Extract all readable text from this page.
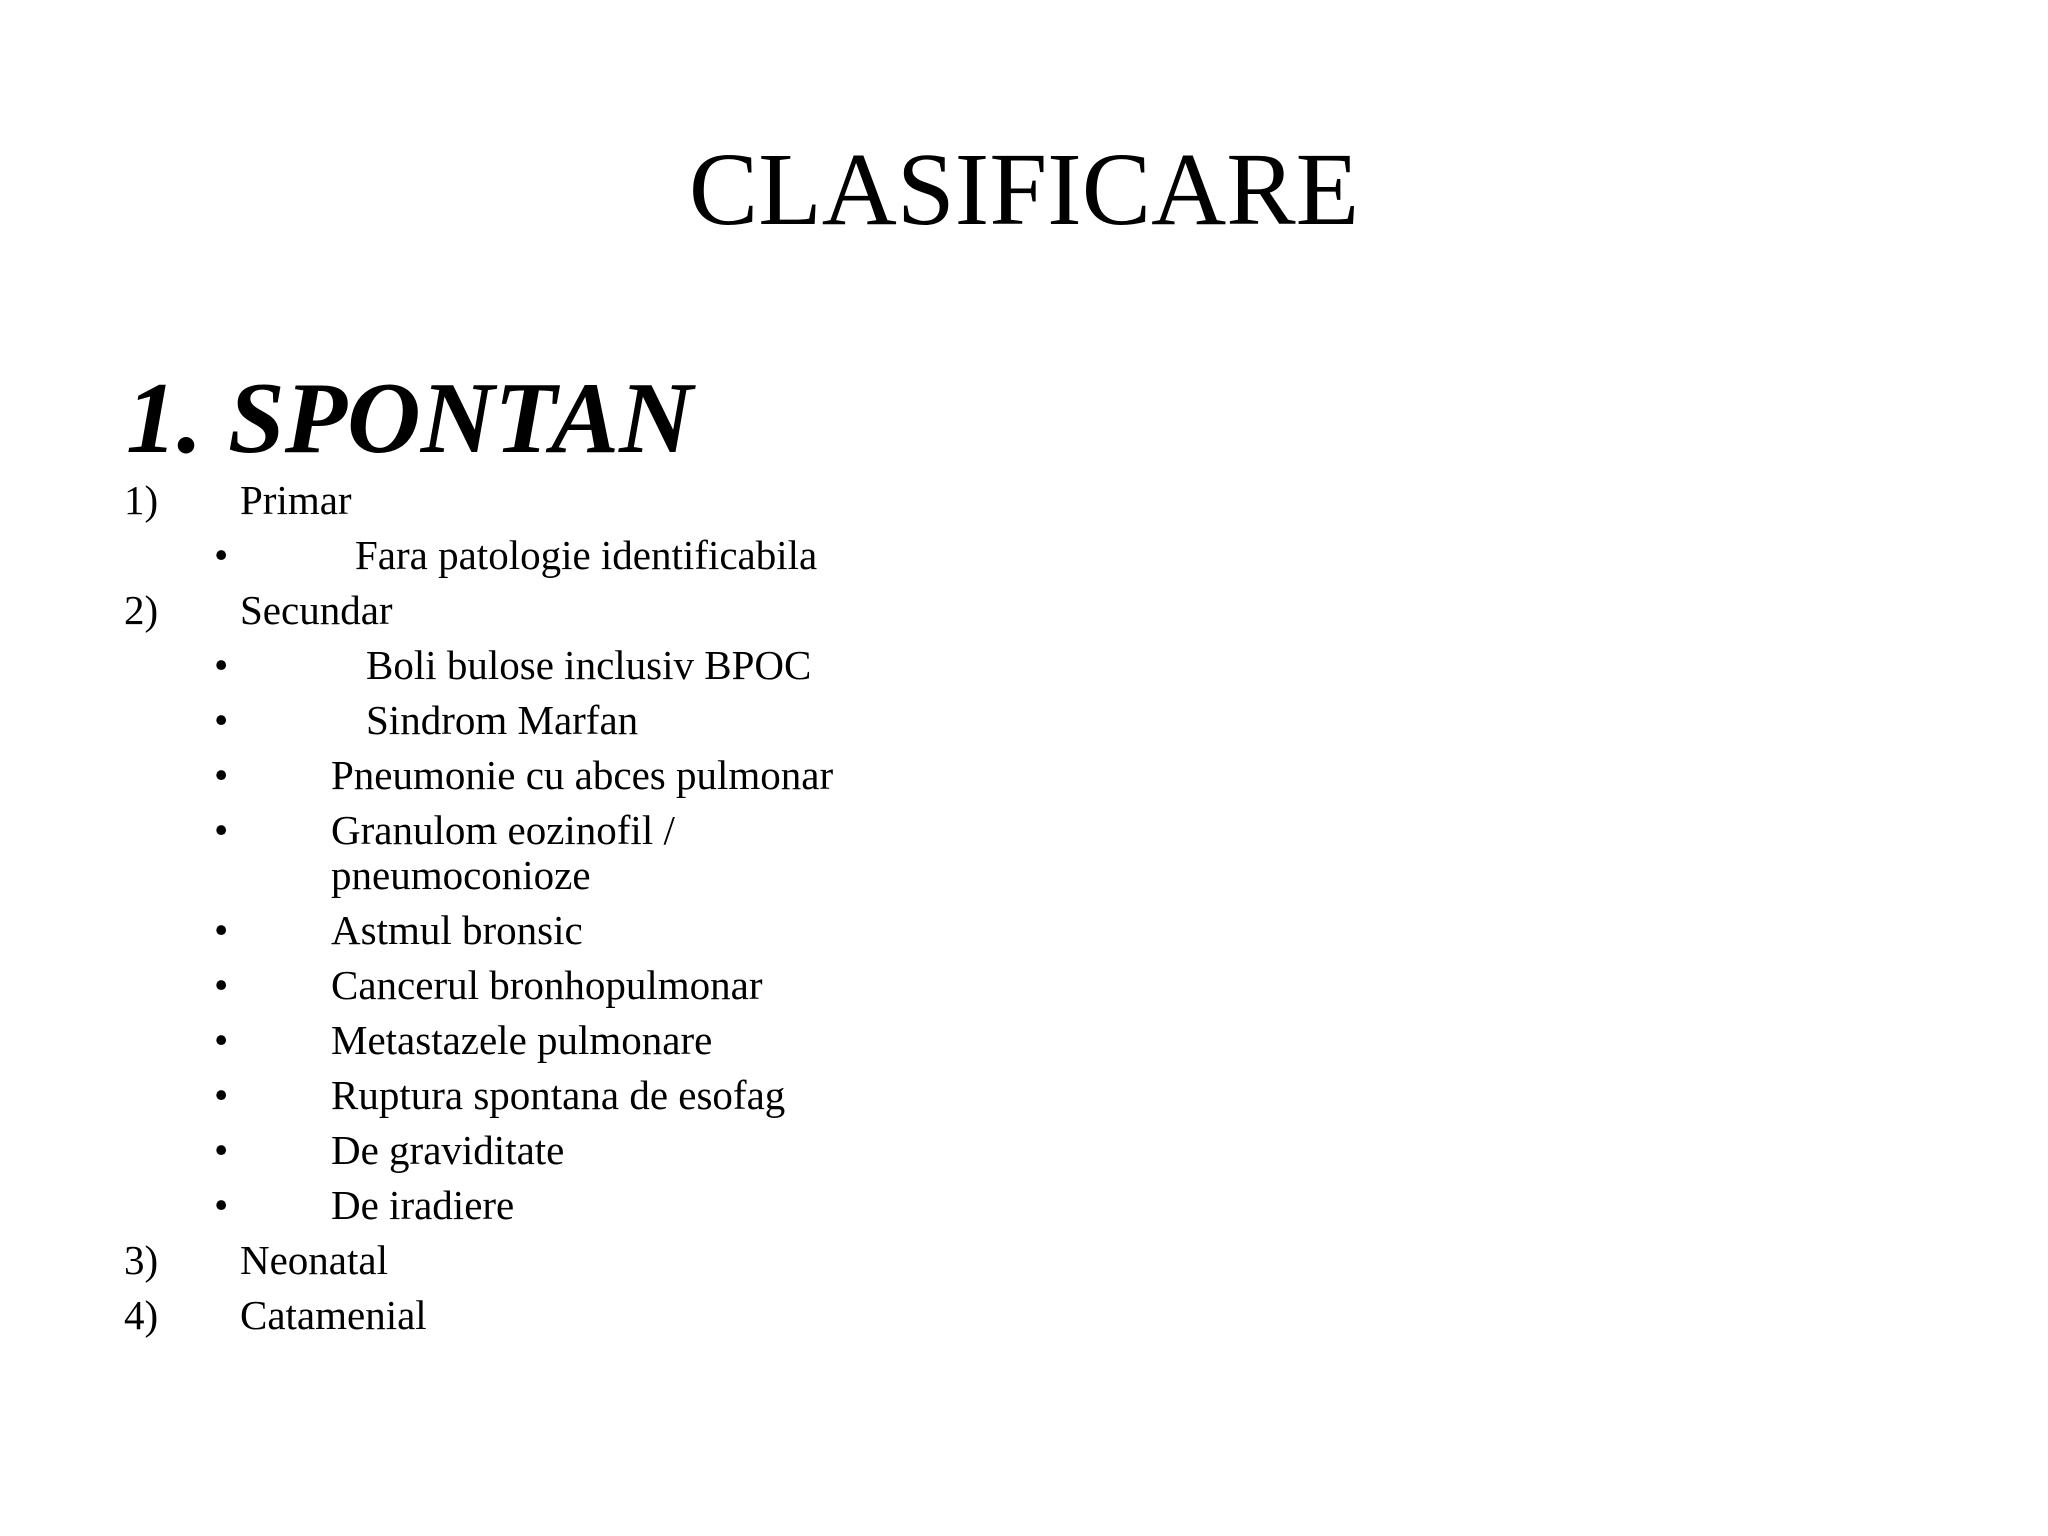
CLASIFICARE
1. SPONTAN
1) Primar
•	Fara patologie identificabila
2) Secundar
•	Boli bulose inclusiv BPOC
•	Sindrom Marfan
•	Pneumonie cu abces pulmonar
•	Granulom eozinofil /
pneumoconioze
•	Astmul bronsic
•	Cancerul bronhopulmonar
•	Metastazele pulmonare
•	Ruptura spontana de esofag
•	De graviditate
•	De iradiere
3) Neonatal
4) Catamenial
